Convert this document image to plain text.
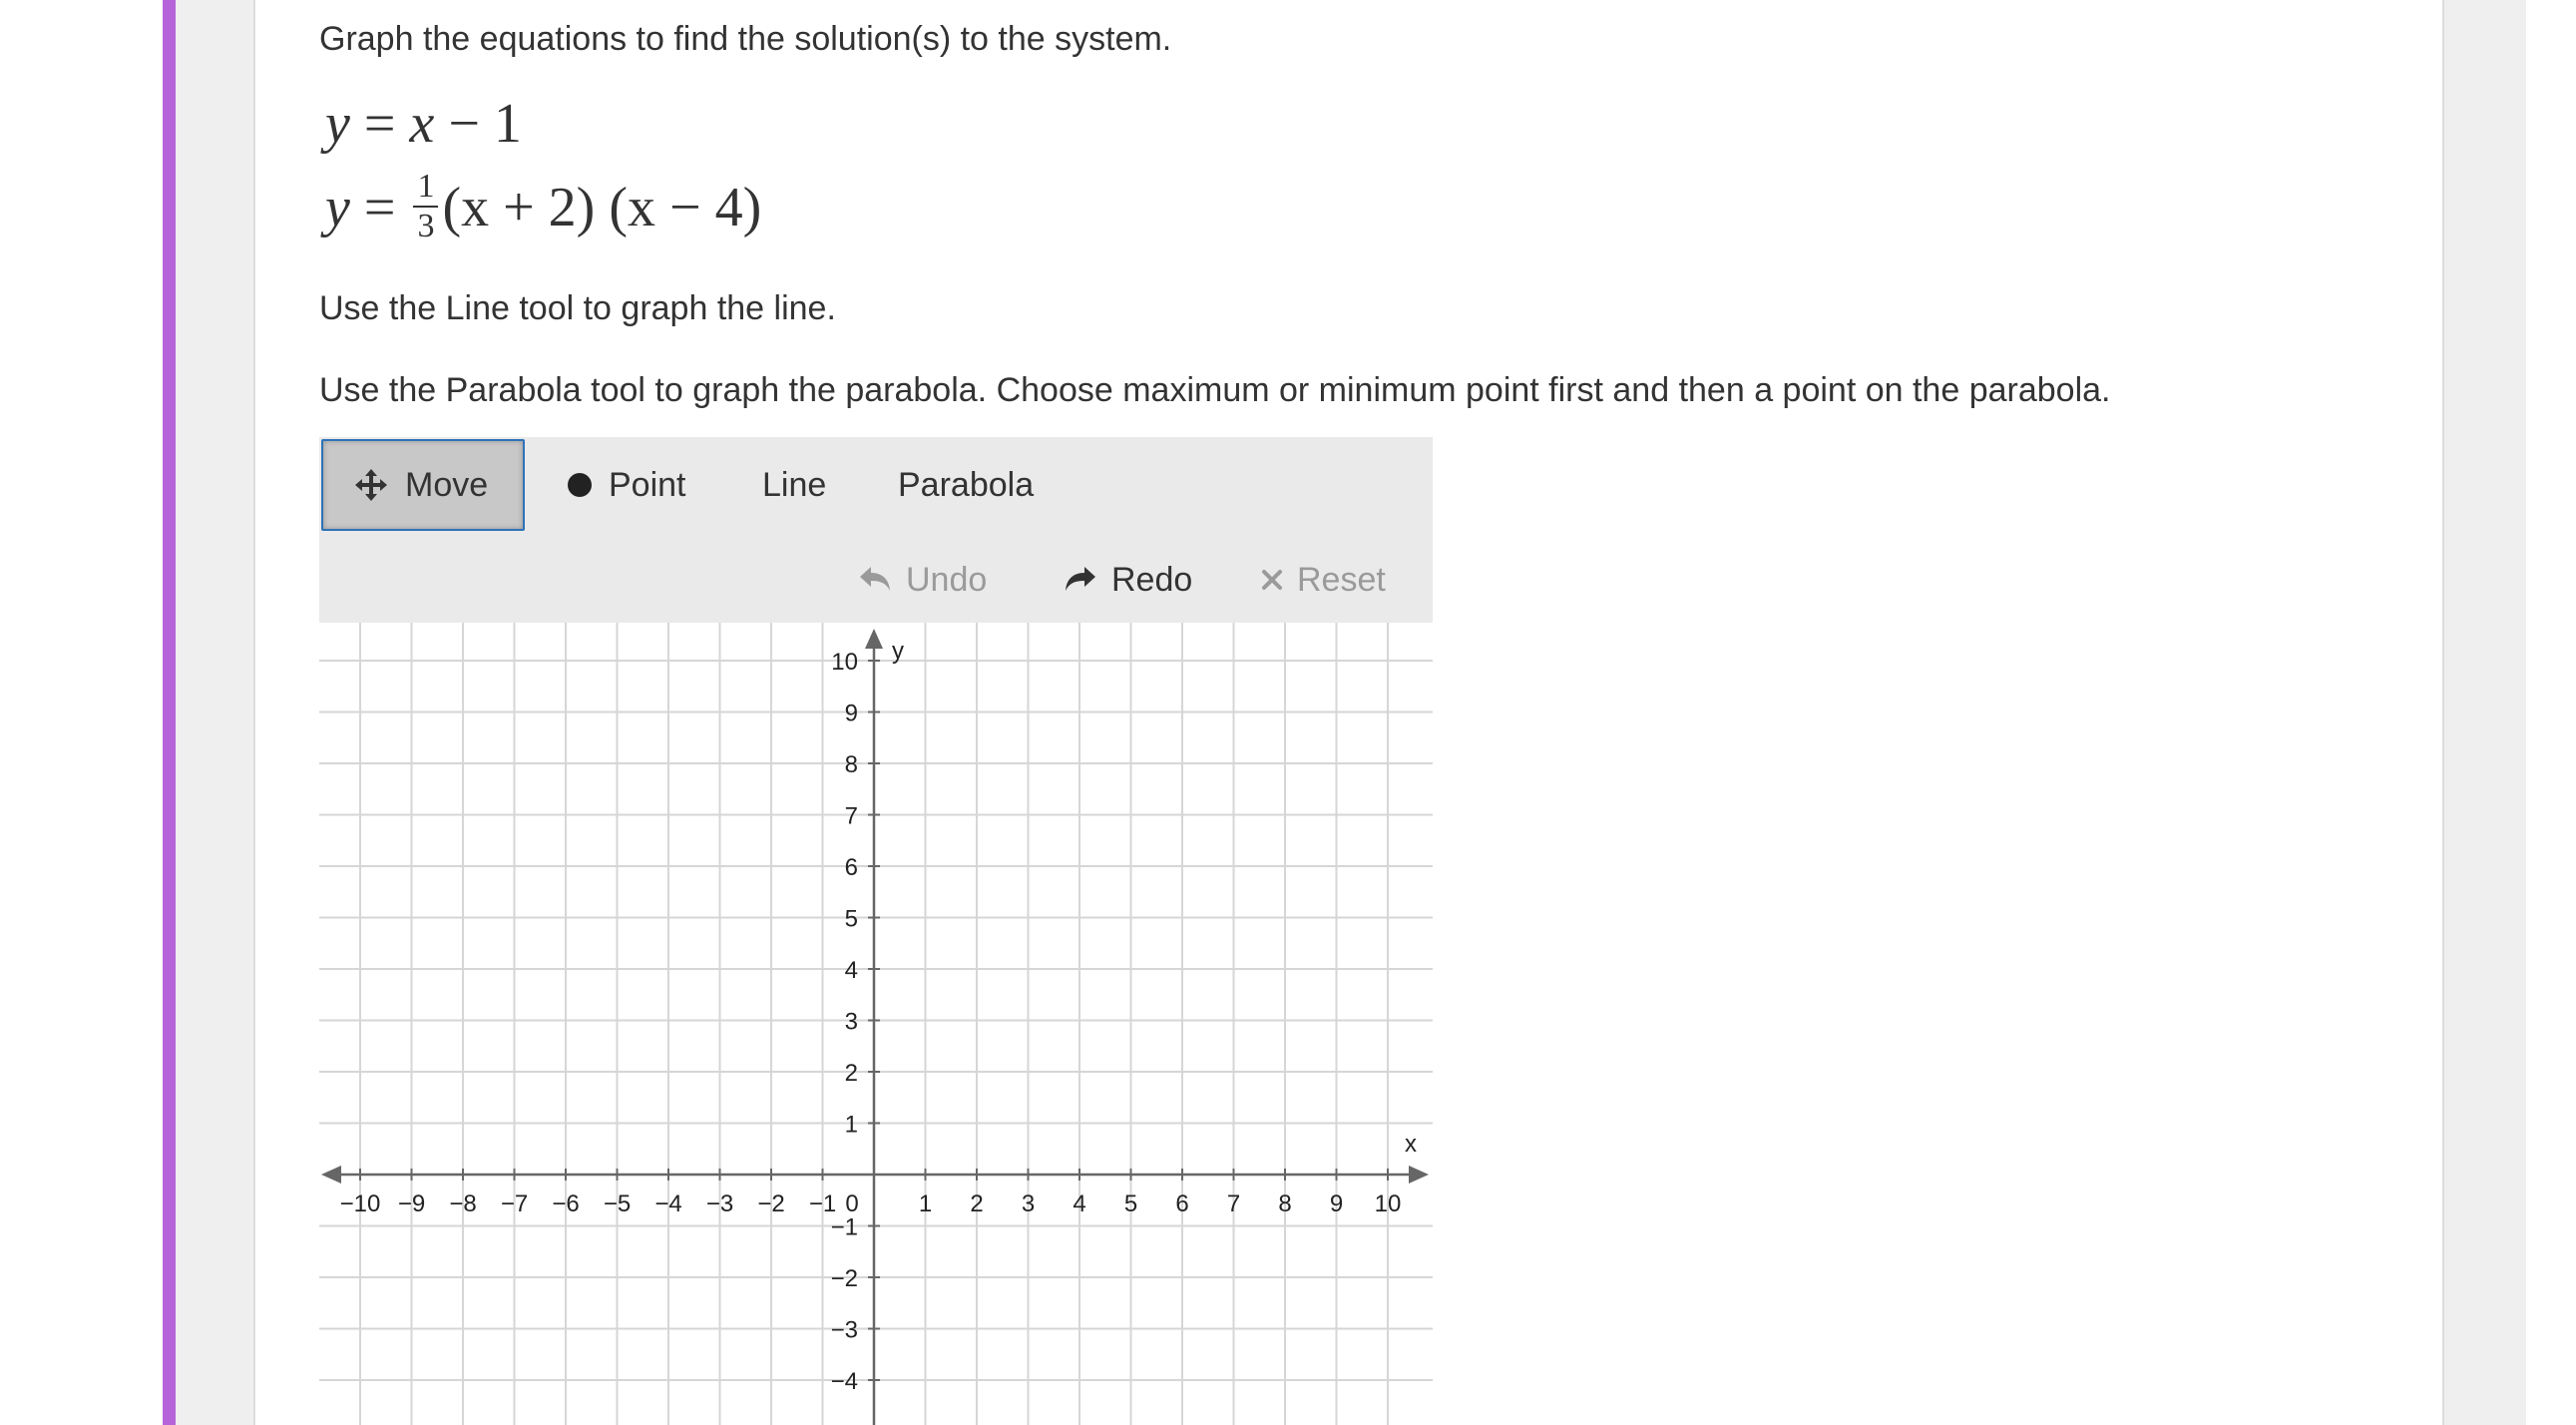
Graph the equations to find the solution(s) to the system.
y = x − 1
$y = \frac{1}{3} (x + 2) (x - 4)$
Use the Line tool to graph the line.
Use the Parabola tool to graph the parabola. Choose maximum or minimum point first and then a point on the parabola.
Move	Point Line Parabola
Undo	Redo	Reset
x
y
−10 −9 −8 −7 −6 −5 −4 −3 −2 −1	1 2 3 4 5 6 7 8 9 10
10
9
8
7
6
5
4
3
2
1
−1
−2
−3
−4
0
